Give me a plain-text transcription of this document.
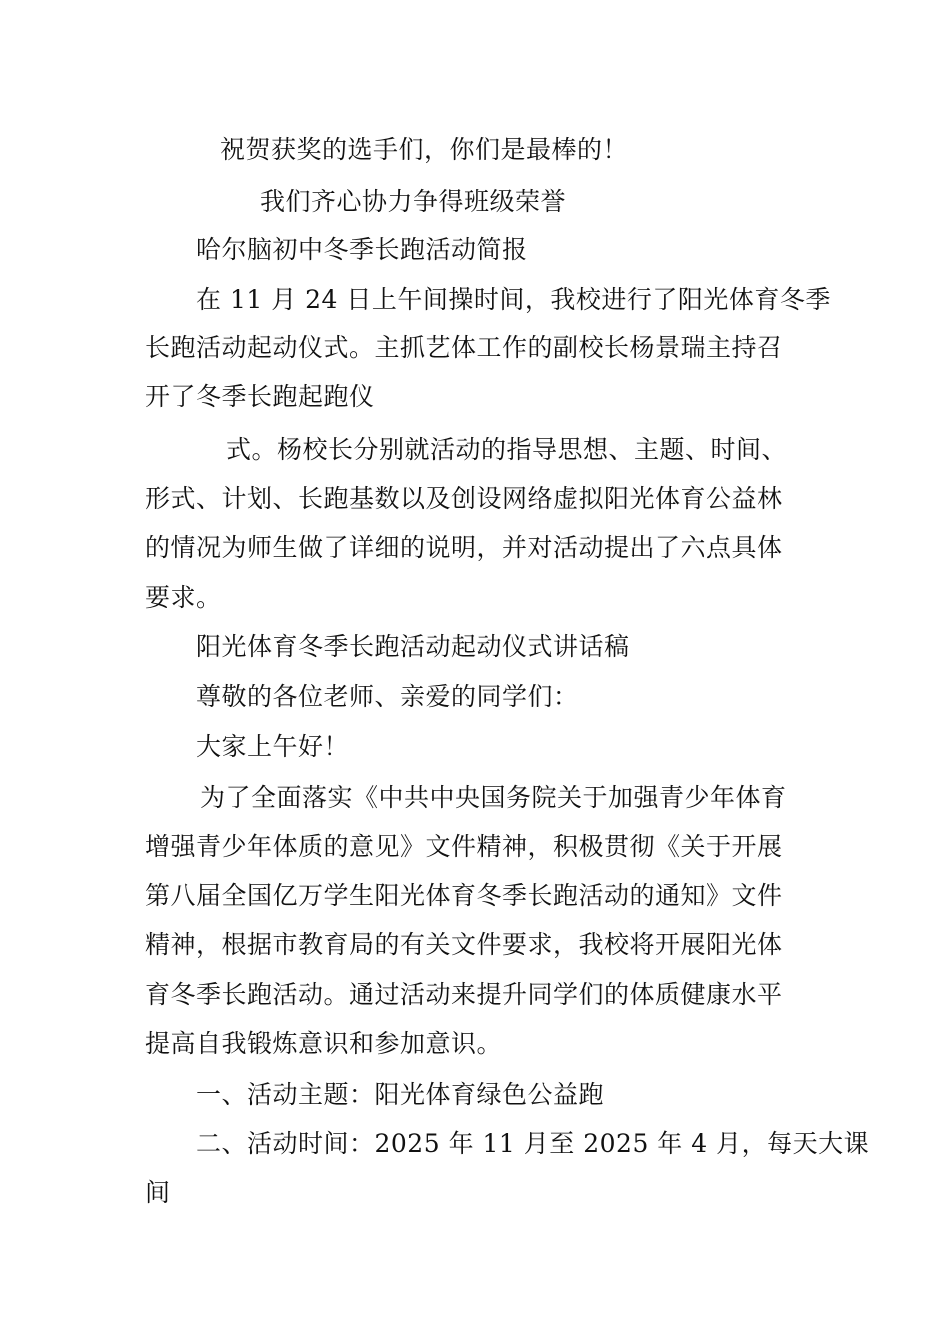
祝贺获奖的选手们，你们是最棒的！
我们齐心协力争得班级荣誉
哈尔脑初中冬季长跑活动简报
在 11 月 24 日上午间操时间，我校进行了阳光体育冬季
长跑活动起动仪式。主抓艺体工作的副校长杨景瑞主持召
开了冬季长跑起跑仪
式。杨校长分别就活动的指导思想、主题、时间、
形式、计划、长跑基数以及创设网络虚拟阳光体育公益林
的情况为师生做了详细的说明，并对活动提出了六点具体
要求。
阳光体育冬季长跑活动起动仪式讲话稿
尊敬的各位老师、亲爱的同学们：
大家上午好！
为了全面落实《中共中央国务院关于加强青少年体育
增强青少年体质的意见》文件精神，积极贯彻《关于开展
第八届全国亿万学生阳光体育冬季长跑活动的通知》文件
精神，根据市教育局的有关文件要求，我校将开展阳光体
育冬季长跑活动。通过活动来提升同学们的体质健康水平
提高自我锻炼意识和参加意识。
一、活动主题：阳光体育绿色公益跑
二、活动时间：2025 年 11 月至 2025 年 4 月，每天大课
间
